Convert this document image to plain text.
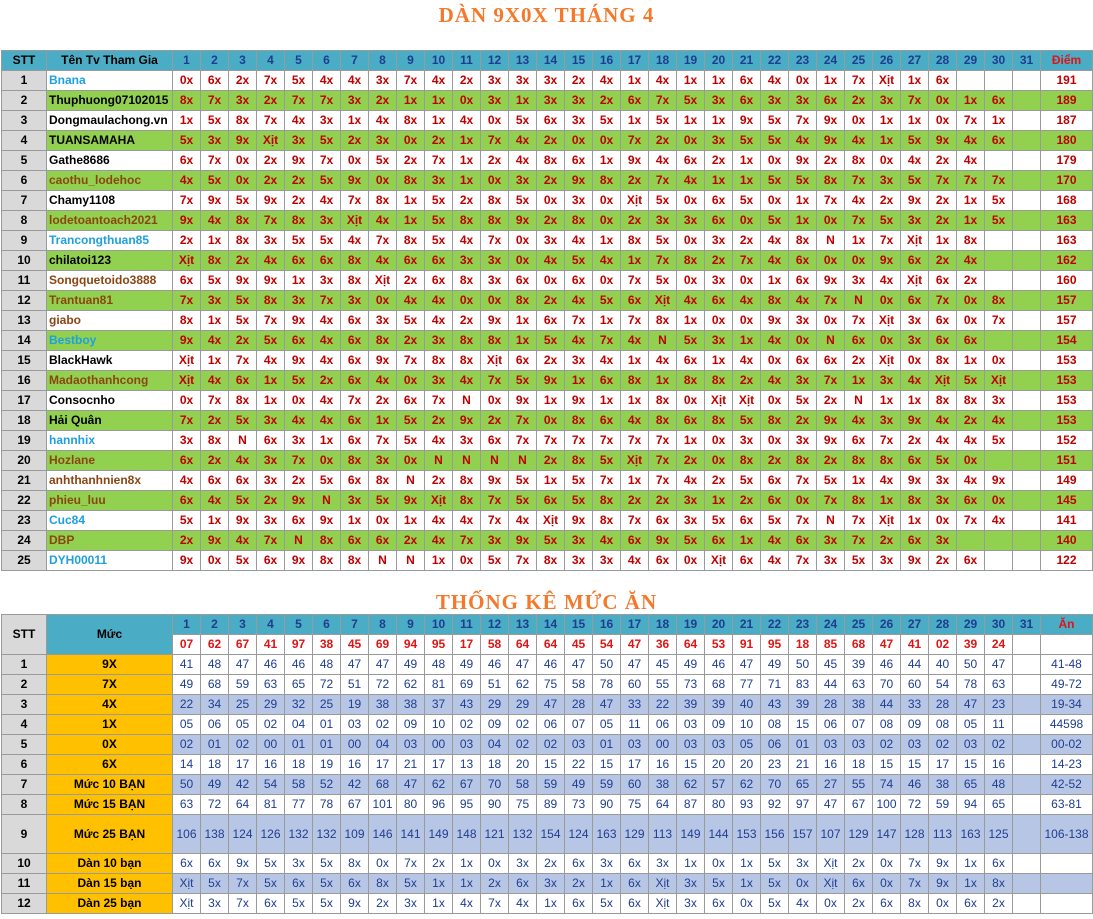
DÀN 9X0X THÁNG 4
STT	Tên Tv Tham Gia	1	2	3	4	5	6	7	8	9	10	11	12	13	14	15	16	17	18	19	20	21	22	23	24	25	26	27	28	29	30	31	Điểm
1	Bnana	0x	6x	2x	7x	5x	4x	4x	3x	7x	4x	2x	3x	3x	3x	2x	4x	1x	4x	1x	1x	6x	4x	0x	1x	7x	Xịt	1x	6x				191
2	Thuphuong07102015	8x	7x	3x	2x	7x	7x	3x	2x	1x	1x	0x	3x	1x	3x	3x	2x	6x	7x	5x	3x	6x	3x	3x	6x	2x	3x	7x	0x	1x	6x		189
3	Dongmaulachong.vn	1x	5x	8x	7x	4x	3x	1x	4x	8x	1x	4x	0x	5x	6x	3x	5x	1x	5x	1x	1x	9x	5x	7x	9x	0x	1x	1x	0x	7x	1x		187
4	TUANSAMAHA	5x	3x	9x	Xịt	3x	5x	2x	3x	0x	2x	1x	7x	4x	2x	0x	0x	7x	2x	0x	3x	5x	5x	4x	9x	4x	1x	5x	9x	4x	6x		180
5	Gathe8686	6x	7x	0x	2x	9x	7x	0x	5x	2x	7x	1x	2x	4x	8x	6x	1x	9x	4x	6x	2x	1x	0x	9x	2x	8x	0x	4x	2x	4x			179
6	caothu_lodehoc	4x	5x	0x	2x	2x	5x	9x	0x	8x	3x	1x	0x	3x	2x	9x	8x	2x	7x	4x	1x	1x	5x	5x	8x	7x	3x	5x	7x	7x	7x		170
7	Chamy1108	7x	9x	5x	9x	2x	4x	7x	8x	1x	5x	2x	8x	5x	0x	3x	0x	Xịt	5x	0x	6x	5x	0x	1x	7x	4x	2x	9x	2x	1x	5x		168
8	lodetoantoach2021	9x	4x	8x	7x	8x	3x	Xịt	4x	1x	5x	8x	8x	9x	2x	8x	0x	2x	3x	3x	6x	0x	5x	1x	0x	7x	5x	3x	2x	1x	5x		163
9	Trancongthuan85	2x	1x	8x	3x	5x	5x	4x	7x	8x	5x	4x	7x	0x	3x	4x	1x	8x	5x	0x	3x	2x	4x	8x	N	1x	7x	Xịt	1x	8x			163
10	chilatoi123	Xịt	8x	2x	4x	6x	6x	8x	4x	6x	6x	3x	3x	0x	4x	5x	4x	1x	7x	8x	2x	7x	4x	6x	0x	0x	9x	6x	2x	4x			162
11	Songquetoido3888	6x	5x	9x	9x	1x	3x	8x	Xịt	2x	6x	8x	3x	6x	0x	6x	0x	7x	5x	0x	3x	0x	1x	6x	9x	3x	4x	Xịt	6x	2x			160
12	Trantuan81	7x	3x	5x	8x	3x	7x	3x	0x	4x	4x	0x	0x	8x	2x	4x	5x	6x	Xịt	4x	6x	4x	8x	4x	7x	N	0x	6x	7x	0x	8x		157
13	giabo	8x	1x	5x	7x	9x	4x	6x	3x	5x	4x	2x	9x	1x	6x	7x	1x	7x	8x	1x	0x	0x	9x	3x	0x	7x	Xịt	3x	6x	0x	7x		157
14	Bestboy	9x	4x	2x	5x	6x	4x	6x	8x	2x	3x	8x	8x	1x	5x	4x	7x	4x	N	5x	3x	1x	4x	0x	N	6x	0x	3x	6x	6x			154
15	BlackHawk	Xịt	1x	7x	4x	9x	4x	6x	9x	7x	8x	8x	Xịt	6x	2x	3x	4x	1x	4x	6x	1x	4x	0x	6x	6x	2x	Xịt	0x	8x	1x	0x		153
16	Madaothanhcong	Xịt	4x	6x	1x	5x	2x	6x	4x	0x	3x	4x	7x	5x	9x	1x	6x	8x	1x	8x	8x	2x	4x	3x	7x	1x	3x	4x	Xịt	5x	Xịt		153
17	Consocnho	0x	7x	8x	1x	0x	4x	7x	2x	6x	7x	N	0x	9x	1x	9x	1x	1x	8x	0x	Xịt	Xịt	0x	5x	2x	N	1x	1x	8x	8x	3x		153
18	Hải Quân	7x	2x	5x	3x	4x	4x	6x	1x	5x	2x	9x	2x	7x	0x	8x	6x	4x	8x	6x	8x	5x	8x	2x	9x	4x	3x	9x	4x	2x	4x		153
19	hannhix	3x	8x	N	6x	3x	1x	6x	7x	5x	4x	3x	6x	7x	7x	7x	7x	7x	7x	1x	0x	3x	0x	3x	9x	6x	7x	2x	4x	4x	5x		152
20	Hozlane	6x	2x	4x	3x	7x	0x	8x	3x	0x	N	N	N	N	2x	8x	5x	Xịt	7x	2x	0x	8x	2x	8x	2x	8x	8x	6x	5x	0x			151
21	anhthanhnien8x	4x	6x	6x	3x	2x	5x	6x	8x	N	2x	8x	9x	5x	1x	5x	7x	1x	7x	4x	2x	5x	6x	7x	5x	1x	4x	9x	3x	4x	9x		149
22	phieu_luu	6x	4x	5x	2x	9x	N	3x	5x	9x	Xịt	8x	7x	5x	6x	5x	8x	2x	2x	3x	1x	2x	6x	0x	7x	8x	1x	8x	3x	6x	0x		145
23	Cuc84	5x	1x	9x	3x	6x	9x	1x	0x	1x	4x	4x	7x	4x	Xịt	9x	8x	7x	6x	3x	5x	6x	5x	7x	N	7x	Xịt	1x	0x	7x	4x		141
24	DBP	2x	9x	4x	7x	N	8x	6x	6x	2x	4x	7x	3x	9x	5x	3x	4x	6x	9x	5x	6x	1x	4x	6x	3x	7x	2x	6x	3x				140
25	DYH00011	9x	0x	5x	6x	9x	8x	8x	N	N	1x	0x	5x	7x	8x	3x	3x	4x	6x	0x	Xịt	6x	4x	7x	3x	5x	3x	9x	2x	6x			122
THỐNG KÊ MỨC ĂN
STT	Mức	1	2	3	4	5	6	7	8	9	10	11	12	13	14	15	16	17	18	19	20	21	22	23	24	25	26	27	28	29	30	31	Ăn
		07	62	67	41	97	38	45	69	94	95	17	58	64	64	45	54	47	36	64	53	91	95	18	85	68	47	41	02	39	24		
1	9X	41	48	47	46	46	48	47	47	49	48	49	46	47	46	47	50	47	45	49	46	47	49	50	45	39	46	44	40	50	47		41-48
2	7X	49	68	59	63	65	72	51	72	62	81	69	51	62	75	58	78	60	55	73	68	77	71	83	44	63	70	60	54	78	63		49-72
3	4X	22	34	25	29	32	25	19	38	38	37	43	29	29	47	28	47	33	22	39	39	40	43	39	28	38	44	33	28	47	23		19-34
4	1X	05	06	05	02	04	01	03	02	09	10	02	09	02	06	07	05	11	06	03	09	10	08	15	06	07	08	09	08	05	11		44598
5	0X	02	01	02	00	01	01	00	04	03	00	03	04	02	02	03	01	03	00	03	03	05	06	01	03	03	02	03	02	03	02		00-02
6	6X	14	18	17	16	18	19	16	17	21	17	13	18	20	15	22	15	17	16	15	20	20	23	21	16	18	15	15	17	15	16		14-23
7	Mức 10 BẠN	50	49	42	54	58	52	42	68	47	62	67	70	58	59	49	59	60	38	62	57	62	70	65	27	55	74	46	38	65	48		42-52
8	Mức 15 BẠN	63	72	64	81	77	78	67	101	80	96	95	90	75	89	73	90	75	64	87	80	93	92	97	47	67	100	72	59	94	65		63-81
9	Mức 25 BẠN	106	138	124	126	132	132	109	146	141	149	148	121	132	154	124	163	129	113	149	144	153	156	157	107	129	147	128	113	163	125		106-138
10	Dàn 10 bạn	6x	6x	9x	5x	3x	5x	8x	0x	7x	2x	1x	0x	3x	2x	6x	3x	6x	3x	1x	0x	1x	5x	3x	Xịt	2x	0x	7x	9x	1x	6x		
11	Dàn 15 bạn	Xịt	5x	7x	5x	6x	5x	6x	8x	5x	1x	1x	2x	6x	3x	2x	1x	6x	Xịt	3x	5x	1x	5x	0x	Xịt	6x	0x	7x	9x	1x	8x		
12	Dàn 25 bạn	Xịt	3x	7x	6x	5x	5x	9x	2x	3x	1x	4x	7x	4x	1x	6x	5x	6x	Xịt	3x	6x	0x	5x	4x	0x	2x	6x	8x	0x	6x	2x		
